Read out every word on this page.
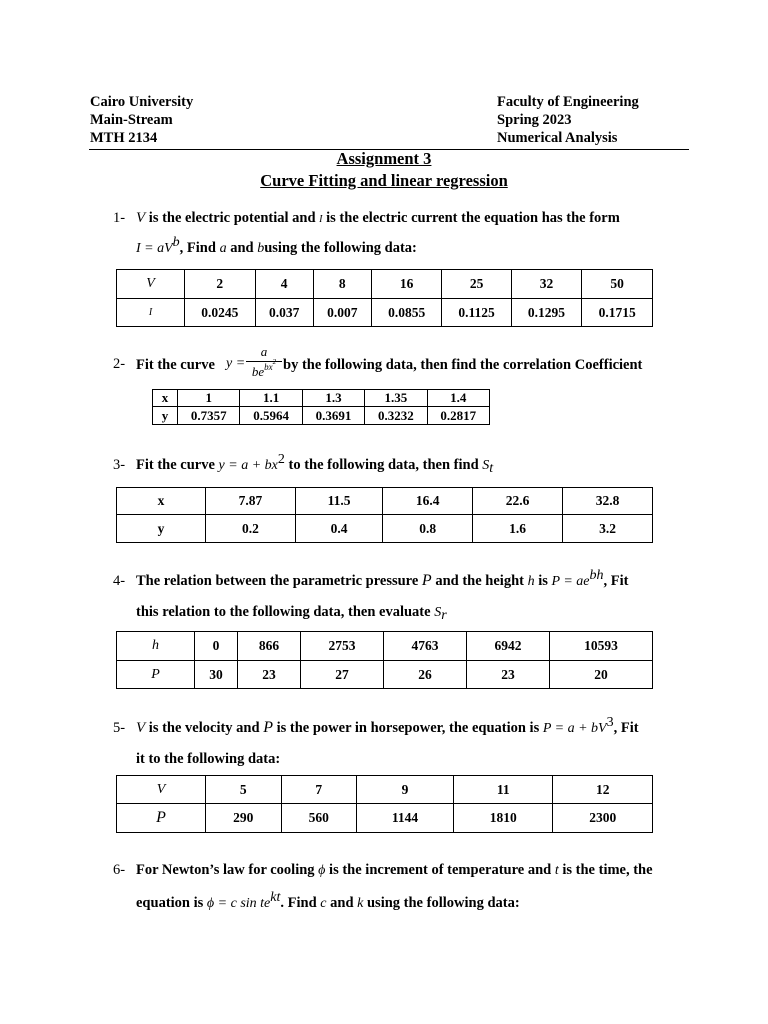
Cairo University
Main-Stream
MTH 2134
Faculty of Engineering
Spring 2023
Numerical Analysis
Assignment 3
Curve Fitting and linear regression
1- V is the electric potential and I is the electric current the equation has the form
$I = aV^b$, Find a and busing the following data:
V	2	4	8	16	25	32	50
I	0.0245	0.037	0.007	0.0855	0.1125	0.1295	0.1715
2- Fit the curve y =
a
$be^{bx^2}$ by the following data, then find the correlation Coefficient
x	1	1.1	1.3	1.35	1.4
y	0.7357	0.5964	0.3691	0.3232	0.2817
3- Fit the curve $y = a + bx^2$ to the following data, then find $S_t$
x	7.87	11.5	16.4	22.6	32.8
y	0.2	0.4	0.8	1.6	3.2
4- The relation between the parametric pressure P and the height h is $P = ae^{bh}$, Fit
this relation to the following data, then evaluate $S_r$
h	0	866	2753	4763	6942	10593
P	30	23	27	26	23	20
5- V is the velocity and P is the power in horsepower, the equation is $P = a + bV^3$, Fit
it to the following data:
V	5	7	9	11	12
P	290	560	1144	1810	2300
6- For Newton’s law for cooling ϕ is the increment of temperature and t is the time, the
equation is ϕ = c $\sin te^{kt}$. Find c and k using the following data:
